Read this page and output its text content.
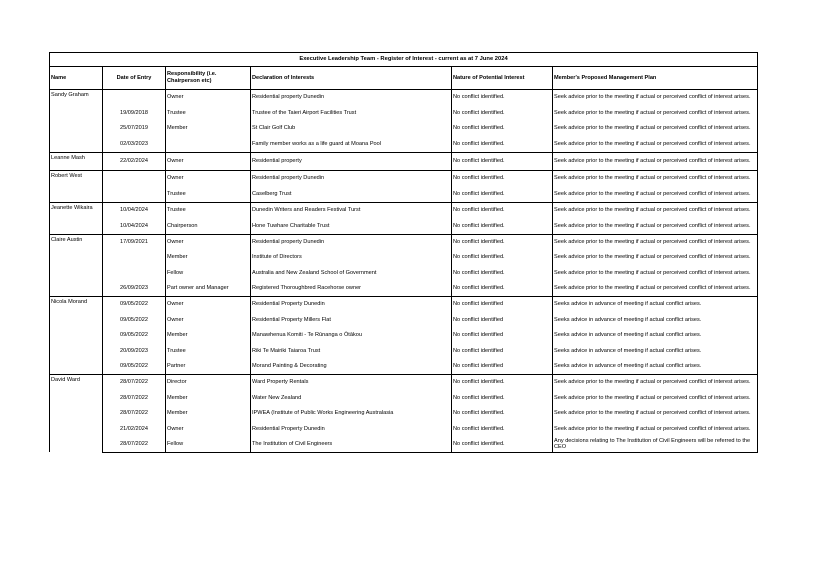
Executive Leadership Team - Register of Interest - current as at 7 June 2024					
Name	Date of Entry	Responsibility (i.e. Chairperson etc)	Declaration of Interests	Nature of Potential Interest	Member's Proposed Management Plan
Sandy Graham		Owner	Residential property Dunedin	No conflict identified.	Seek advice prior to the meeting if actual or perceived conflict of interest arises.
	19/09/2018	Trustee	Trustee of the Taieri Airport Facilities Trust	No conflict identified.	Seek advice prior to the meeting if actual or perceived conflict of interest arises.
	25/07/2019	Member	St Clair Golf Club	No conflict identified.	Seek advice prior to the meeting if actual or perceived conflict of interest arises.
	02/03/2023		Family member works as a life guard at Moana Pool	No conflict identified.	Seek advice prior to the meeting if actual or perceived conflict of interest arises.
Leanne Mash	22/02/2024	Owner	Residential property	No conflict identified.	Seek advice prior to the meeting if actual or perceived conflict of interest arises.
Robert West		Owner	Residential property Dunedin	No conflict identified.	Seek advice prior to the meeting if actual or perceived conflict of interest arises.
		Trustee	Caselberg Trust	No conflict identified.	Seek advice prior to the meeting if actual or perceived conflict of interest arises.
Jeanette Wikaira	10/04/2024	Trustee	Dunedin Writers and Readers Festival Turst	No conflict identified.	Seek advice prior to the meeting if actual or perceived conflict of interest arises.
	10/04/2024	Chairperson	Hone Tuwhare Charitable Trust	No conflict identified.	Seek advice prior to the meeting if actual or perceived conflict of interest arises.
Claire Austin	17/09/2021	Owner	Residential property Dunedin	No conflict identified.	Seek advice prior to the meeting if actual or perceived conflict of interest arises.
		Member	Institute of Directors	No conflict identified.	Seek advice prior to the meeting if actual or perceived conflict of interest arises.
		Fellow	Australia and New Zealand School of Government	No conflict identified.	Seek advice prior to the meeting if actual or perceived conflict of interest arises.
	26/09/2023	Part owner and Manager	Registered Thoroughbred Racehorse owner	No conflict identified.	Seek advice prior to the meeting if actual or perceived conflict of interest arises.
Nicola Morand	09/05/2022	Owner	Residential Property Dunedin	No conflict identified	Seeks advice in advance of meeting if actual conflict arises.
	09/05/2022	Owner	Residential Property Millers Flat	No conflict identified	Seeks advice in advance of meeting if actual conflict arises.
	09/05/2022	Member	Manawhenua Komiti - Te Rūnanga o Ōtākou	No conflict identified	Seeks advice in advance of meeting if actual conflict arises.
	20/09/2023	Trustee	Riki Te Mairiki Taiaroa Trust	No conflict identified	Seeks advice in advance of meeting if actual conflict arises.
	09/05/2022	Partner	Morand Painting & Decorating	No conflict identified	Seeks advice in advance of meeting if actual conflict arises.
David Ward	28/07/2022	Director	Ward Property Rentals	No conflict identified.	Seek advice prior to the meeting if actual or perceived conflict of interest arises.
	28/07/2022	Member	Water New Zealand	No conflict identified.	Seek advice prior to the meeting if actual or perceived conflict of interest arises.
	28/07/2022	Member	IPWEA (Institute of Public Works Engineering Australasia	No conflict identified.	Seek advice prior to the meeting if actual or perceived conflict of interest arises.
	21/02/2024	Owner	Residential Property Dunedin	No conflict identified.	Seek advice prior to the meeting if actual or perceived conflict of interest arises.
	28/07/2022	Fellow	The Institution of Civil Engineers	No conflict identified.	Any decisions relating to The Institution of Civil Engineers will be referred to the CEO
